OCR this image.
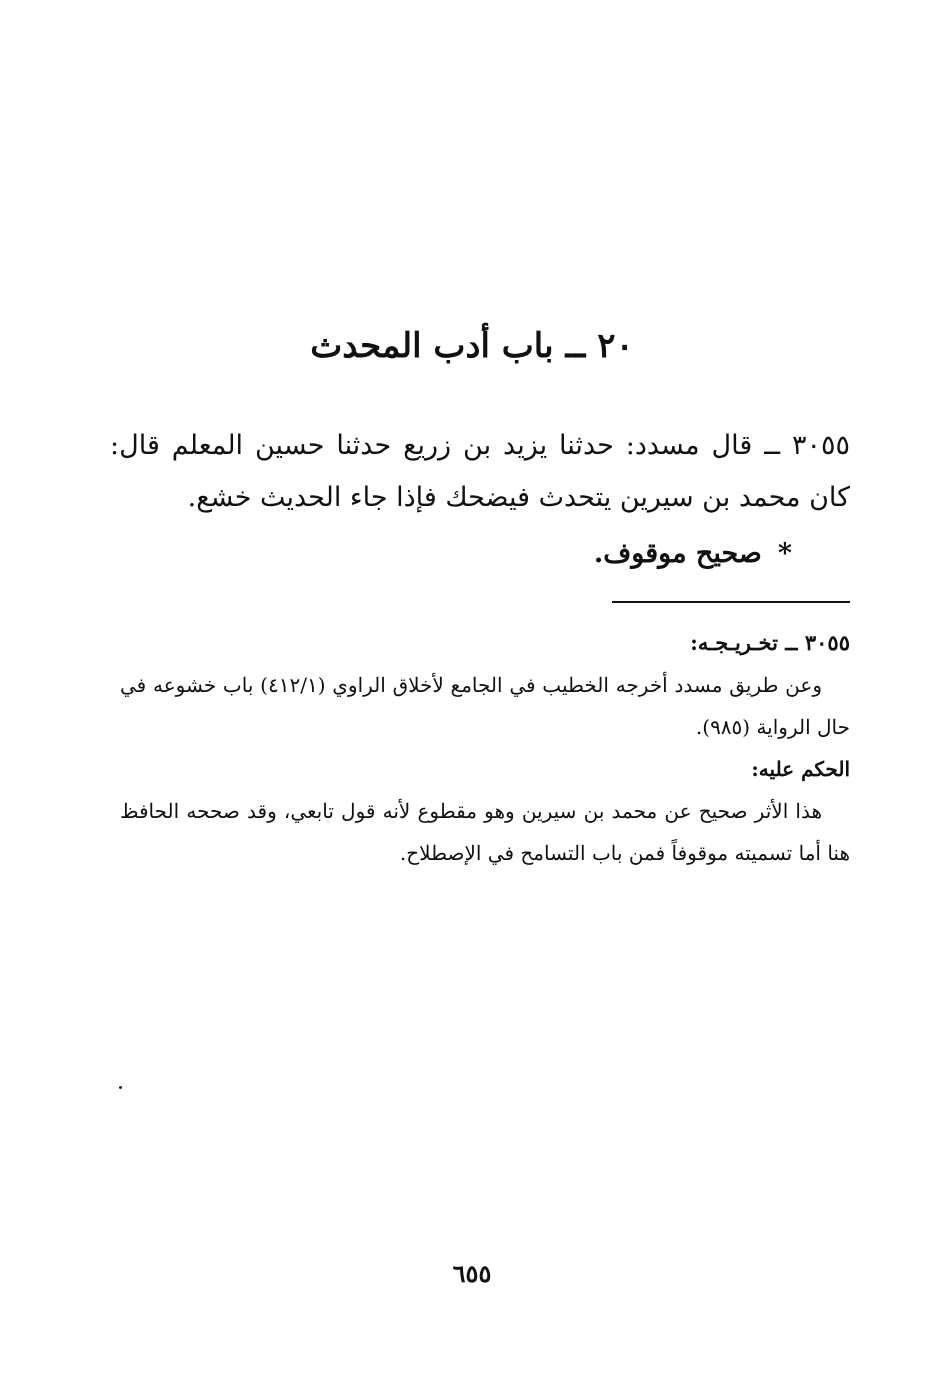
٢٠ ــ باب أدب المحدث

٣٠٥٥ ــ قال مسدد: حدثنا يزيد بن زريع حدثنا حسين المعلم قال: كان محمد بن سيرين يتحدث فيضحك فإذا جاء الحديث خشع.

*صحيح موقوف.

٣٠٥٥ ــ تخـريـجـه:

وعن طريق مسدد أخرجه الخطيب في الجامع لأخلاق الراوي (٤١٢/١) باب خشوعه في حال الرواية (٩٨٥).

الحكم عليه:

هذا الأثر صحيح عن محمد بن سيرين وهو مقطوع لأنه قول تابعي، وقد صححه الحافظ هنا أما تسميته موقوفاً فمن باب التسامح في الإصطلاح.

٦٥٥
